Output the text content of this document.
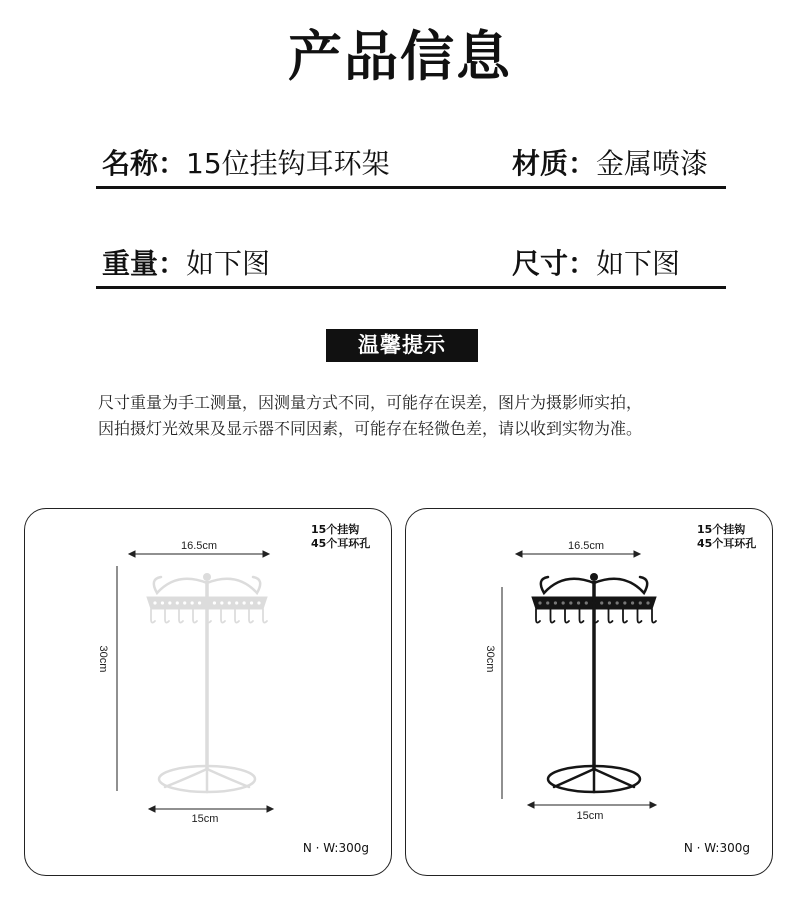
产品信息
名称：15位挂钩耳环架	材质：金属喷漆
重量：如下图	尺寸：如下图
温馨提示
尺寸重量为手工测量，因测量方式不同，可能存在误差，图片为摄影师实拍，
因拍摄灯光效果及显示器不同因素，可能存在轻微色差，请以收到实物为准。
15个挂钩
45个耳环孔
16.5cm
15cm
30cm
N · W:300g
15个挂钩
45个耳环孔
16.5cm
15cm
30cm
N · W:300g
